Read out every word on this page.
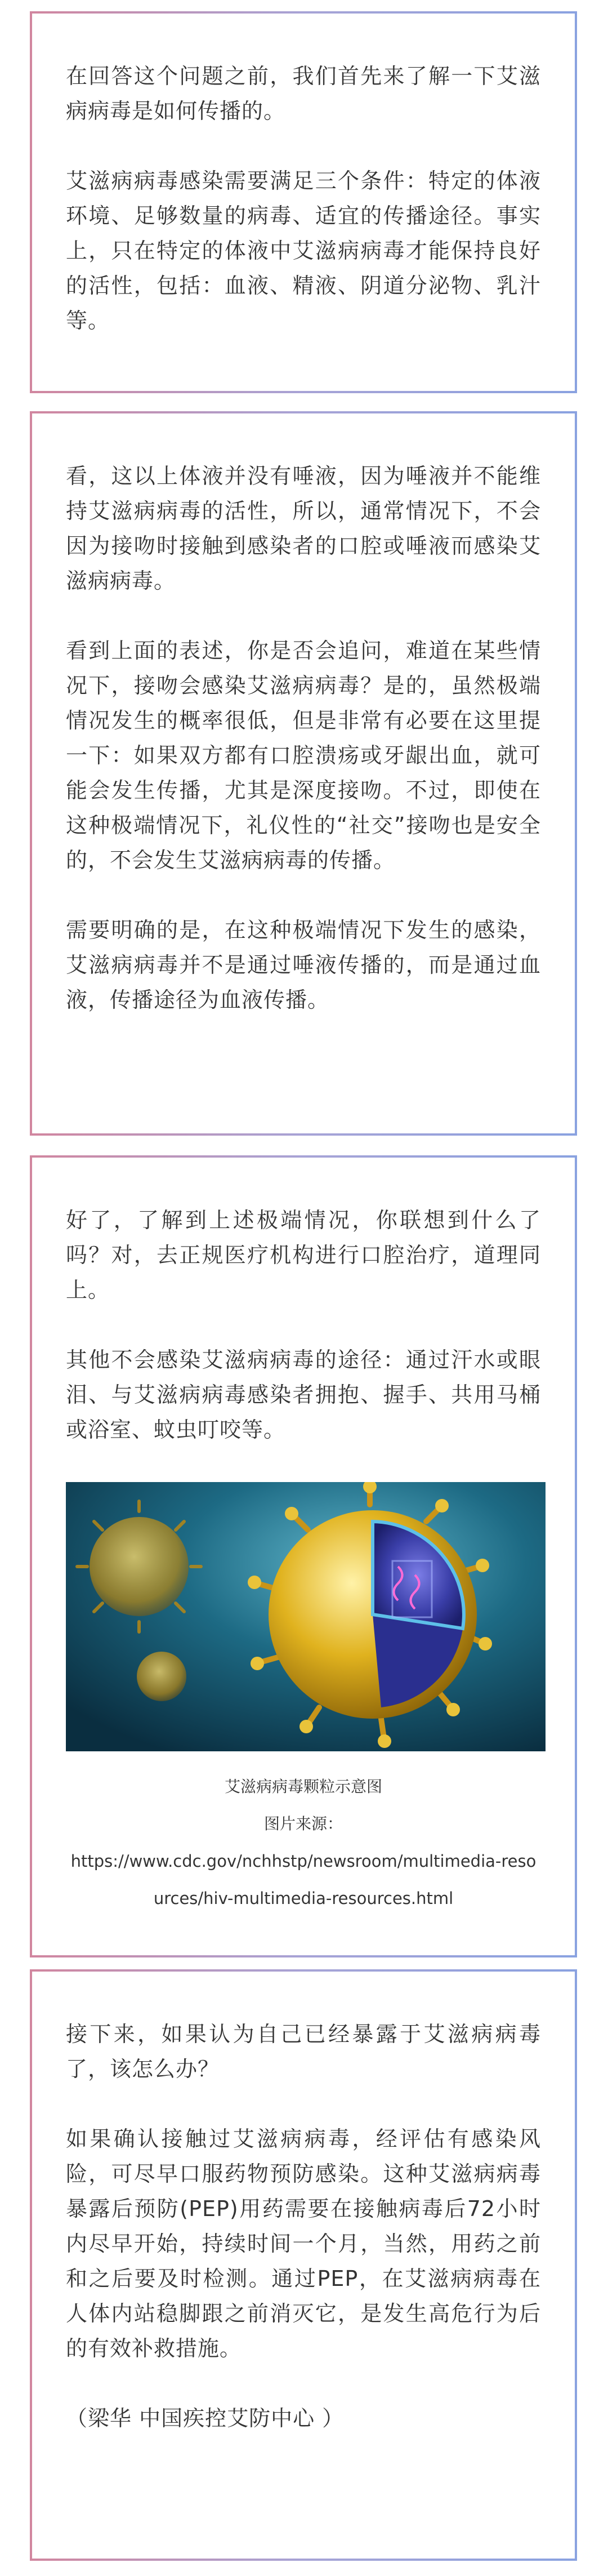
在回答这个问题之前，我们首先来了解一下艾滋病病毒是如何传播的。

艾滋病病毒感染需要满足三个条件：特定的体液环境、足够数量的病毒、适宜的传播途径。事实上，只在特定的体液中艾滋病病毒才能保持良好的活性，包括：血液、精液、阴道分泌物、乳汁等。

看，这以上体液并没有唾液，因为唾液并不能维持艾滋病病毒的活性，所以，通常情况下，不会因为接吻时接触到感染者的口腔或唾液而感染艾滋病病毒。

看到上面的表述，你是否会追问，难道在某些情况下，接吻会感染艾滋病病毒？是的，虽然极端情况发生的概率很低，但是非常有必要在这里提一下：如果双方都有口腔溃疡或牙龈出血，就可能会发生传播，尤其是深度接吻。不过，即使在这种极端情况下，礼仪性的“社交”接吻也是安全的，不会发生艾滋病病毒的传播。

需要明确的是，在这种极端情况下发生的感染，艾滋病病毒并不是通过唾液传播的，而是通过血液，传播途径为血液传播。

好了，了解到上述极端情况，你联想到什么了吗？对，去正规医疗机构进行口腔治疗，道理同上。

其他不会感染艾滋病病毒的途径：通过汗水或眼泪、与艾滋病病毒感染者拥抱、握手、共用马桶或浴室、蚊虫叮咬等。

艾滋病病毒颗粒示意图
图片来源：
https://www.cdc.gov/nchhstp/newsroom/multimedia-resources/hiv-multimedia-resources.html

接下来，如果认为自己已经暴露于艾滋病病毒了，该怎么办？

如果确认接触过艾滋病病毒，经评估有感染风险，可尽早口服药物预防感染。这种艾滋病病毒暴露后预防(PEP)用药需要在接触病毒后72小时内尽早开始，持续时间一个月，当然，用药之前和之后要及时检测。通过PEP，在艾滋病病毒在人体内站稳脚跟之前消灭它，是发生高危行为后的有效补救措施。

（梁华 中国疾控艾防中心 ）
